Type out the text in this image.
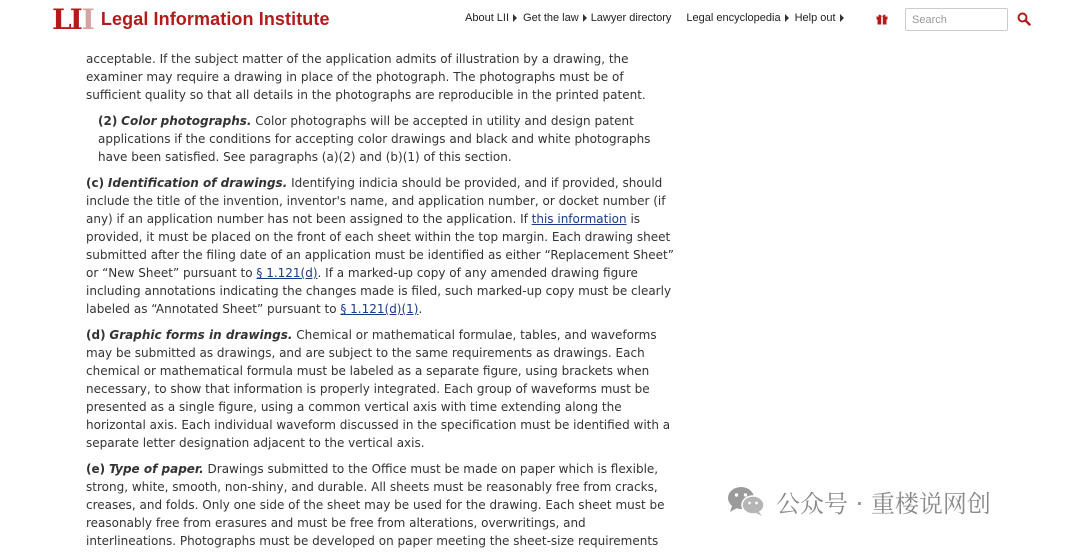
L I I Legal Information Institute	About LII Get the law Lawyer directory Legal encyclopedia Help out
Search

acceptable. If the subject matter of the application admits of illustration by a drawing, the examiner may require a drawing in place of the photograph. The photographs must be of sufficient quality so that all details in the photographs are reproducible in the printed patent.

(2) Color photographs. Color photographs will be accepted in utility and design patent applications if the conditions for accepting color drawings and black and white photographs have been satisfied. See paragraphs (a)(2) and (b)(1) of this section.

(c) Identification of drawings. Identifying indicia should be provided, and if provided, should include the title of the invention, inventor's name, and application number, or docket number (if any) if an application number has not been assigned to the application. If this information is provided, it must be placed on the front of each sheet within the top margin. Each drawing sheet submitted after the filing date of an application must be identified as either “Replacement Sheet” or “New Sheet” pursuant to § 1.121(d). If a marked-up copy of any amended drawing figure including annotations indicating the changes made is filed, such marked-up copy must be clearly labeled as “Annotated Sheet” pursuant to § 1.121(d)(1).

(d) Graphic forms in drawings. Chemical or mathematical formulae, tables, and waveforms may be submitted as drawings, and are subject to the same requirements as drawings. Each chemical or mathematical formula must be labeled as a separate figure, using brackets when necessary, to show that information is properly integrated. Each group of waveforms must be presented as a single figure, using a common vertical axis with time extending along the horizontal axis. Each individual waveform discussed in the specification must be identified with a separate letter designation adjacent to the vertical axis.

(e) Type of paper. Drawings submitted to the Office must be made on paper which is flexible, strong, white, smooth, non-shiny, and durable. All sheets must be reasonably free from cracks, creases, and folds. Only one side of the sheet may be used for the drawing. Each sheet must be reasonably free from erasures and must be free from alterations, overwritings, and interlineations. Photographs must be developed on paper meeting the sheet-size requirements

公众号 · 重楼说网创
